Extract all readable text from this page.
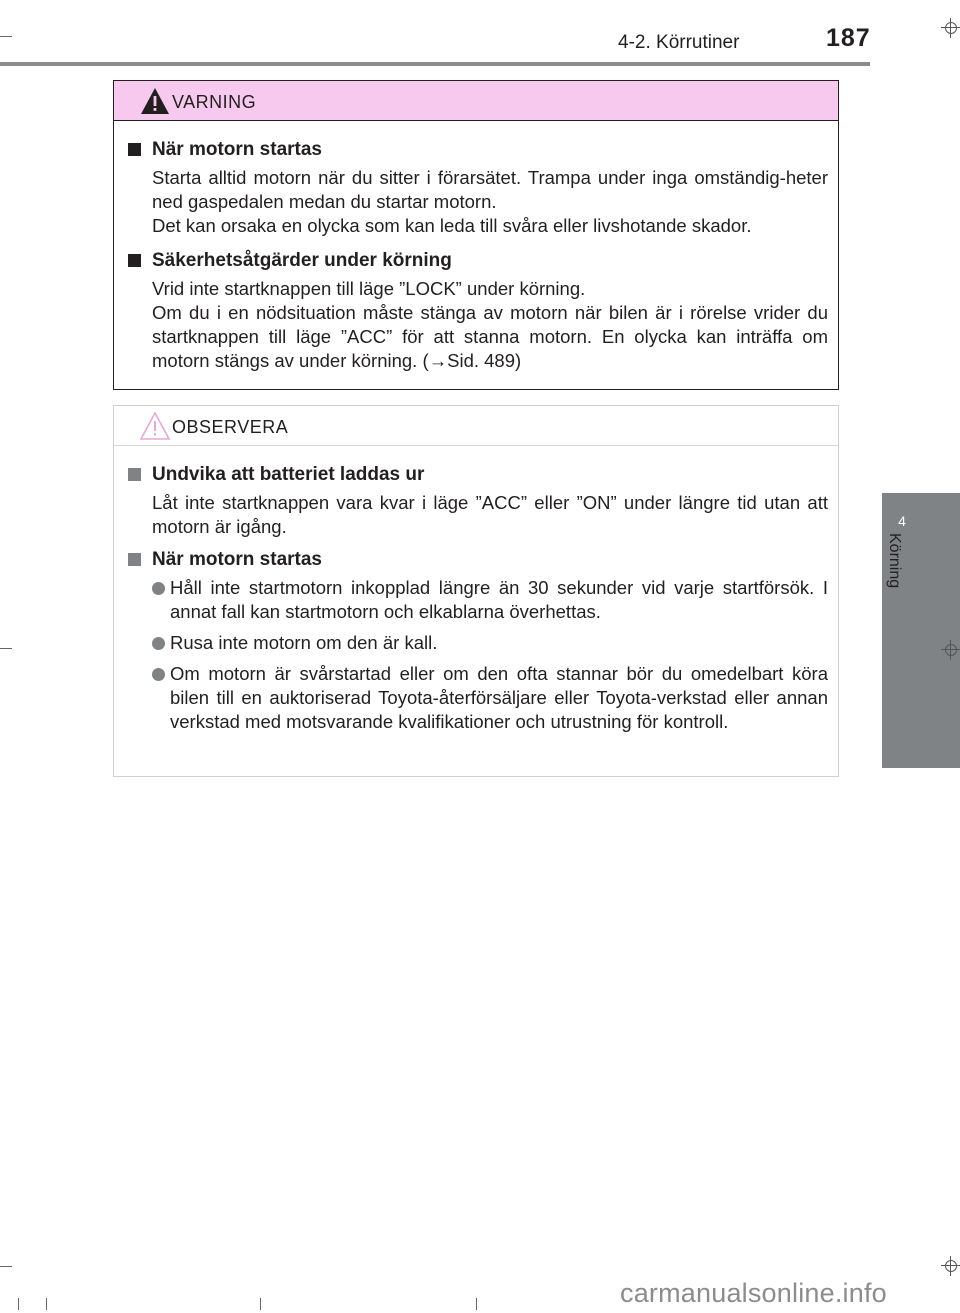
4-2. Körrutiner	187
4
Körning
VARNING
När motorn startas
Starta alltid motorn när du sitter i förarsätet. Trampa under inga omständig-heter ned gaspedalen medan du startar motorn.
Det kan orsaka en olycka som kan leda till svåra eller livshotande skador.
Säkerhetsåtgärder under körning
Vrid inte startknappen till läge ”LOCK” under körning.
Om du i en nödsituation måste stänga av motorn när bilen är i rörelse vrider du startknappen till läge ”ACC” för att stanna motorn. En olycka kan inträffa om motorn stängs av under körning. (→Sid. 489)
OBSERVERA
Undvika att batteriet laddas ur
Låt inte startknappen vara kvar i läge ”ACC” eller ”ON” under längre tid utan att motorn är igång.
När motorn startas
Håll inte startmotorn inkopplad längre än 30 sekunder vid varje startförsök. I annat fall kan startmotorn och elkablarna överhettas.
Rusa inte motorn om den är kall.
Om motorn är svårstartad eller om den ofta stannar bör du omedelbart köra bilen till en auktoriserad Toyota-återförsäljare eller Toyota-verkstad eller annan verkstad med motsvarande kvalifikationer och utrustning för kontroll.
carmanualsonline.info
